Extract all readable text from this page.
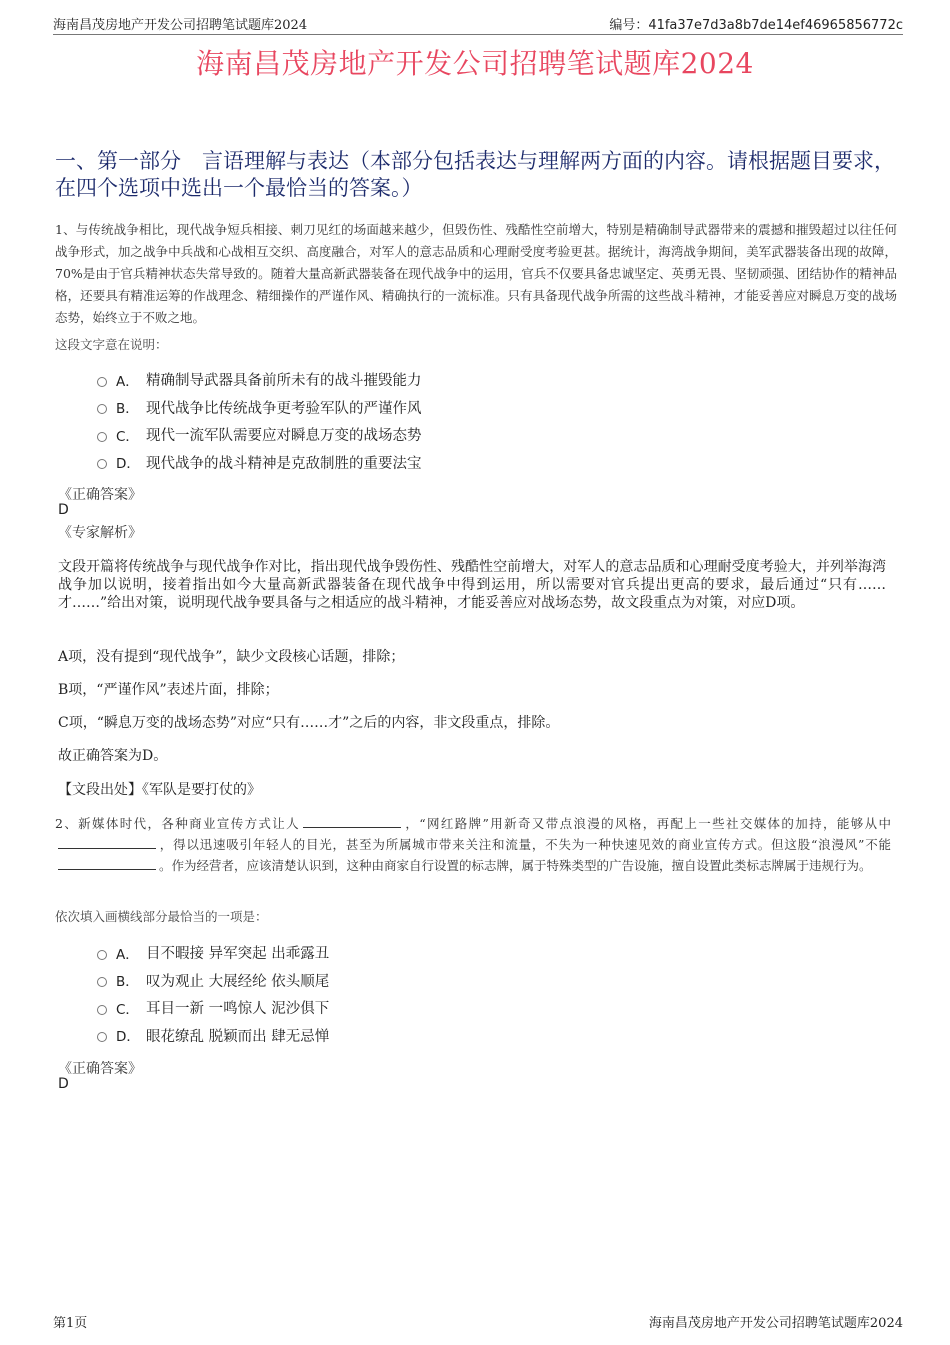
海南昌茂房地产开发公司招聘笔试题库2024	编号：41fa37e7d3a8b7de14ef46965856772c
海南昌茂房地产开发公司招聘笔试题库2024
一、第一部分　言语理解与表达（本部分包括表达与理解两方面的内容。请根据题目要求，在四个选项中选出一个最恰当的答案。）
1、与传统战争相比，现代战争短兵相接、刺刀见红的场面越来越少，但毁伤性、残酷性空前增大，特别是精确制导武器带来的震撼和摧毁超过以往任何战争形式，加之战争中兵战和心战相互交织、高度融合，对军人的意志品质和心理耐受度考验更甚。据统计，海湾战争期间，美军武器装备出现的故障，70%是由于官兵精神状态失常导致的。随着大量高新武器装备在现代战争中的运用，官兵不仅要具备忠诚坚定、英勇无畏、坚韧顽强、团结协作的精神品格，还要具有精准运筹的作战理念、精细操作的严谨作风、精确执行的一流标准。只有具备现代战争所需的这些战斗精神，才能妥善应对瞬息万变的战场态势，始终立于不败之地。
这段文字意在说明：
A． 精确制导武器具备前所未有的战斗摧毁能力
B． 现代战争比传统战争更考验军队的严谨作风
C． 现代一流军队需要应对瞬息万变的战场态势
D． 现代战争的战斗精神是克敌制胜的重要法宝
《正确答案》
D
《专家解析》
文段开篇将传统战争与现代战争作对比，指出现代战争毁伤性、残酷性空前增大，对军人的意志品质和心理耐受度考验大，并列举海湾战争加以说明，接着指出如今大量高新武器装备在现代战争中得到运用，所以需要对官兵提出更高的要求，最后通过“只有……才……”给出对策，说明现代战争要具备与之相适应的战斗精神，才能妥善应对战场态势，故文段重点为对策，对应D项。
A项，没有提到“现代战争”，缺少文段核心话题，排除；
B项，“严谨作风”表述片面，排除；
C项，“瞬息万变的战场态势”对应“只有……才”之后的内容，非文段重点，排除。
故正确答案为D。
【文段出处】《军队是要打仗的》
2、新媒体时代，各种商业宣传方式让人	，“网红路牌”用新奇又带点浪漫的风格，再配上一些社交媒体的加持，能够从中，得以迅速吸引年轻人的目光，甚至为所属城市带来关注和流量，不失为一种快速见效的商业宣传方式。但这股“浪漫风”不能。作为经营者，应该清楚认识到，这种由商家自行设置的标志牌，属于特殊类型的广告设施，擅自设置此类标志牌属于违规行为。
依次填入画横线部分最恰当的一项是：
A． 目不暇接 异军突起 出乖露丑
B． 叹为观止 大展经纶 依头顺尾
C． 耳目一新 一鸣惊人 泥沙俱下
D． 眼花缭乱 脱颖而出 肆无忌惮
《正确答案》
D
第1页	海南昌茂房地产开发公司招聘笔试题库2024
